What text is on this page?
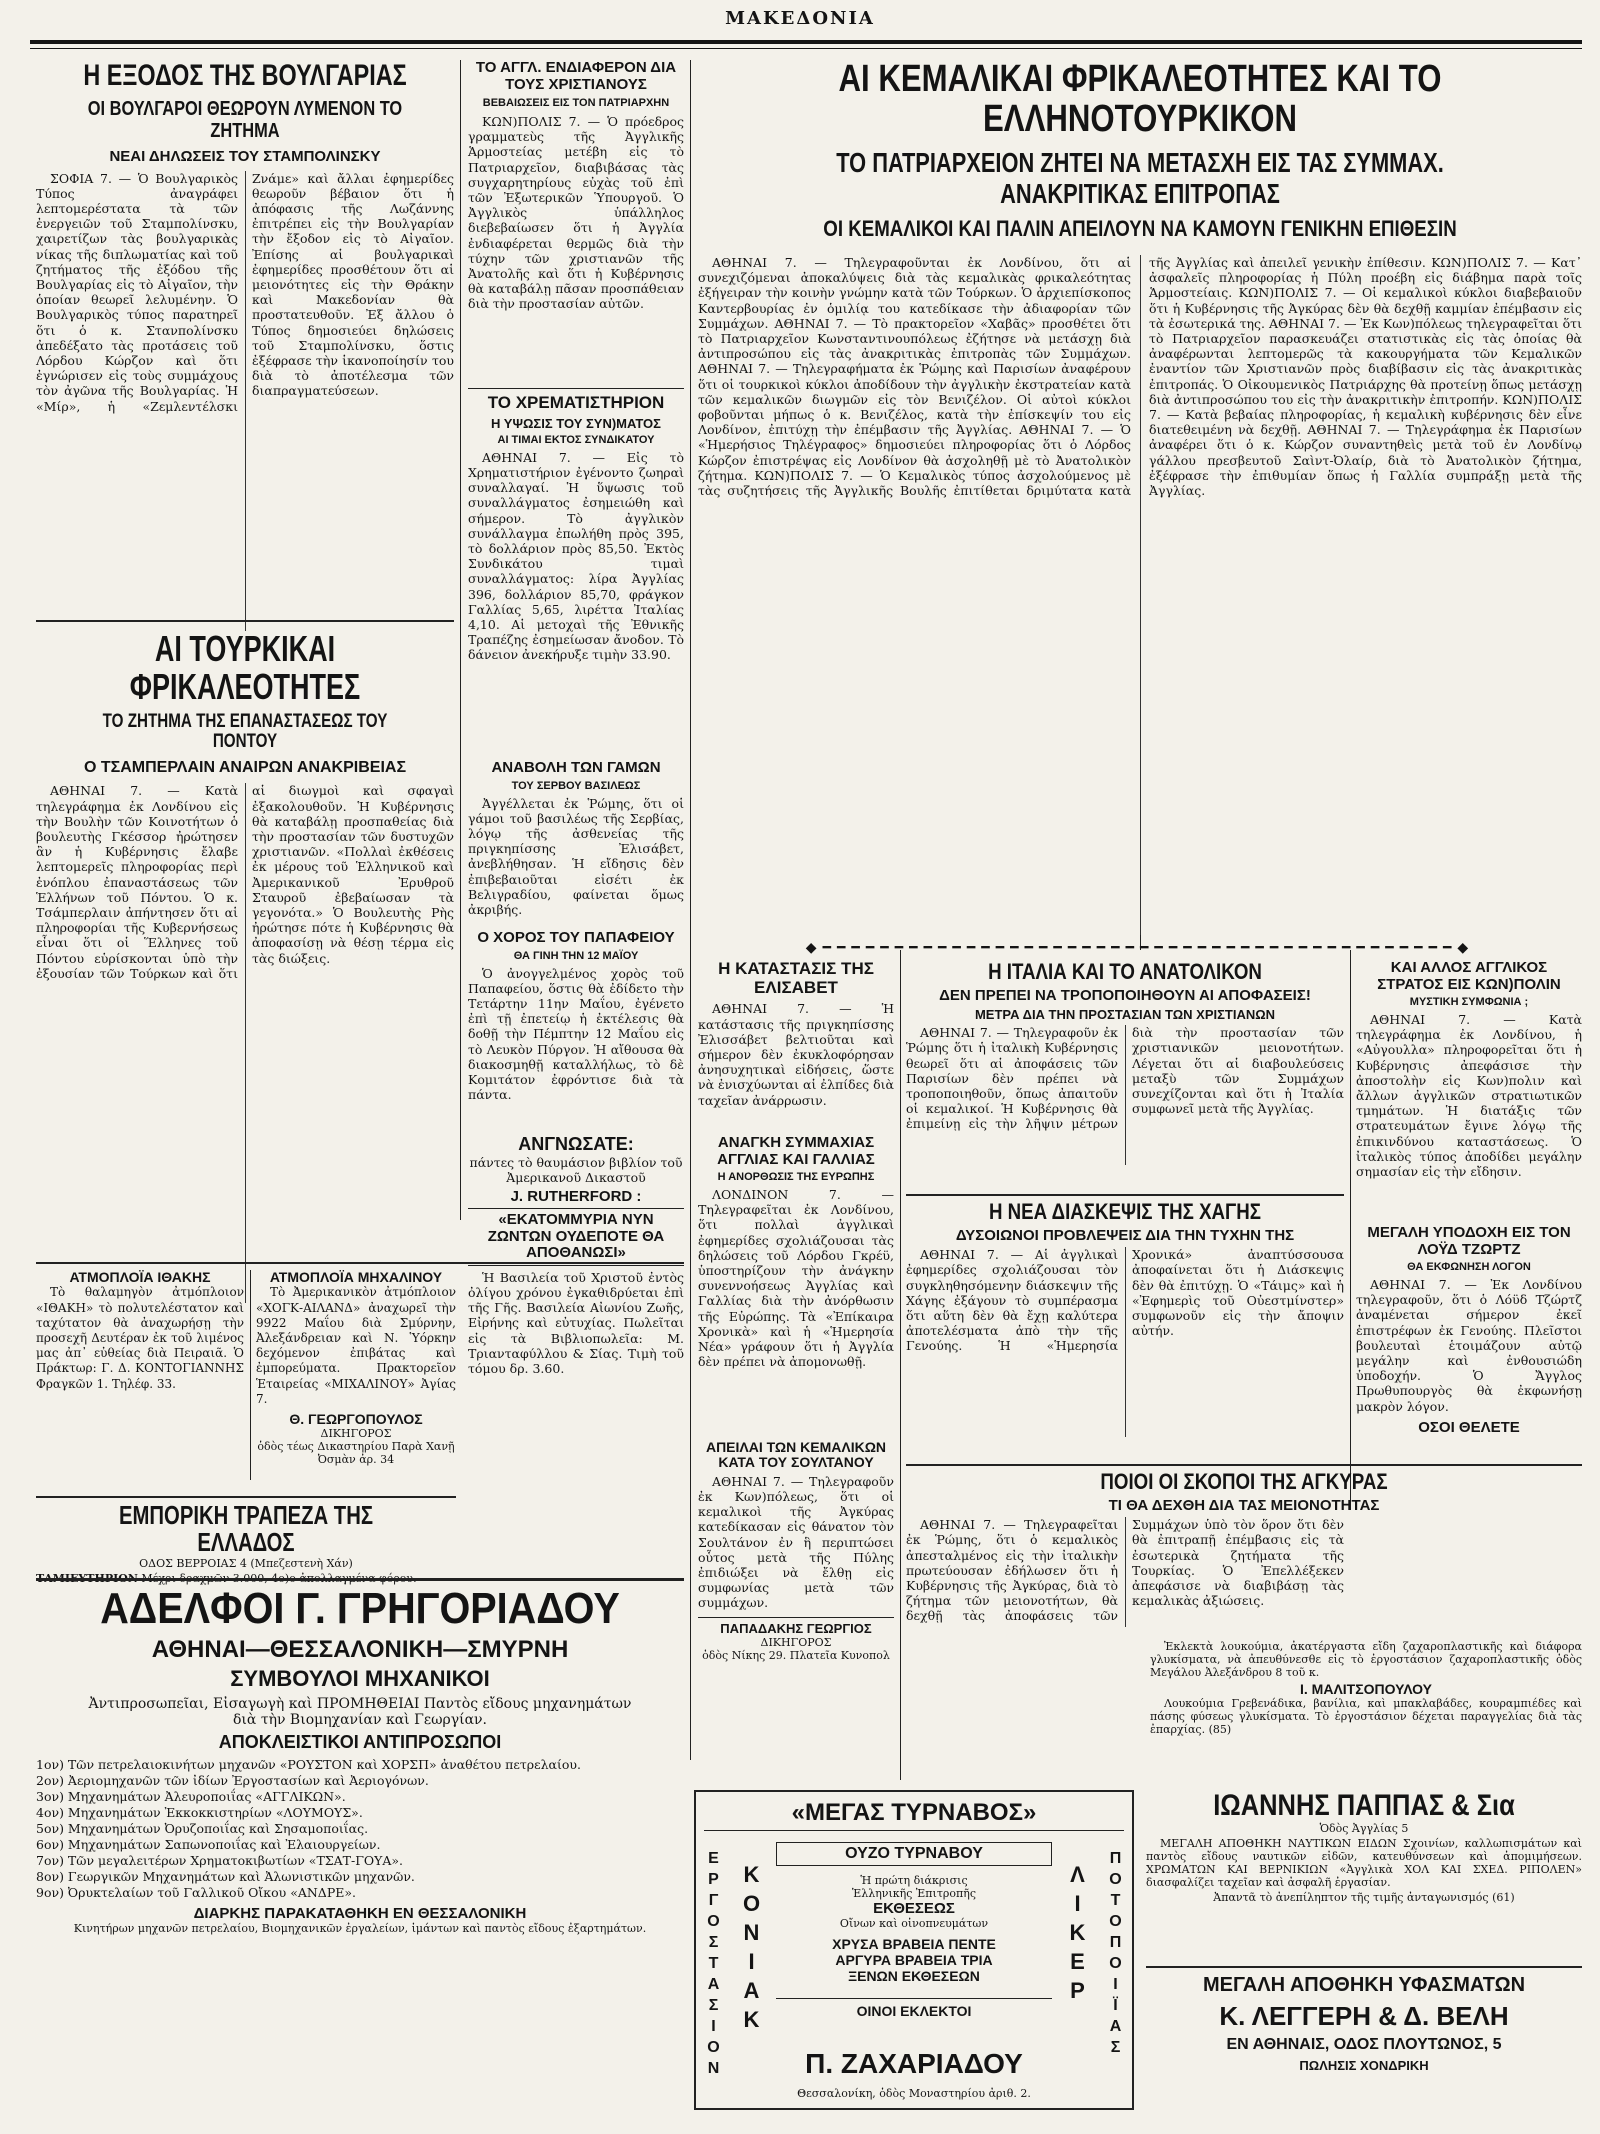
ΜΑΚΕΔΟΝΙΑ
Η ΕΞΟΔΟΣ ΤΗΣ ΒΟΥΛΓΑΡΙΑΣ
ΟΙ ΒΟΥΛΓΑΡΟΙ ΘΕΩΡΟΥΝ ΛΥΜΕΝΟΝ ΤΟ ΖΗΤΗΜΑ
ΝΕΑΙ ΔΗΛΩΣΕΙΣ ΤΟΥ ΣΤΑΜΠΟΛΙΝΣΚΥ

ΣΟΦΙΑ 7. — Ὁ Βουλγαρικὸς Τύπος ἀναγράφει λεπτομερέστατα τὰ τῶν ἐνεργειῶν τοῦ Σταμπολίνσκυ, χαιρετίζων τὰς βουλγαρικὰς νίκας τῆς διπλωματίας καὶ τοῦ ζητήματος τῆς ἐξόδου τῆς Βουλγαρίας εἰς τὸ Αἰγαῖον, τὴν ὁποίαν θεωρεῖ λελυμένην. Ὁ Βουλγαρικὸς τύπος παρατηρεῖ ὅτι ὁ κ. Στανπολίνσκυ ἀπεδέξατο τὰς προτάσεις τοῦ Λόρδου Κώρζον καὶ ὅτι ἐγνώρισεν εἰς τοὺς συμμάχους τὸν ἀγῶνα τῆς Βουλγαρίας. Ἡ «Μίρ», ἡ «Ζεμλεντέλσκι Ζνάμε» καὶ ἄλλαι ἐφημερίδες θεωροῦν βέβαιον ὅτι ἡ ἀπόφασις τῆς Λωζάννης ἐπιτρέπει εἰς τὴν Βουλγαρίαν τὴν ἔξοδον εἰς τὸ Αἰγαῖον. Ἐπίσης αἱ βουλγαρικαὶ ἐφημερίδες προσθέτουν ὅτι αἱ μειονότητες εἰς τὴν Θράκην καὶ Μακεδονίαν θὰ προστατευθοῦν. Ἐξ ἄλλου ὁ Τύπος δημοσιεύει δηλώσεις τοῦ Σταμπολίνσκυ, ὅστις ἐξέφρασε τὴν ἱκανοποίησίν του διὰ τὸ ἀποτέλεσμα τῶν διαπραγματεύσεων.

ΑΙ ΤΟΥΡΚΙΚΑΙ ΦΡΙΚΑΛΕΟΤΗΤΕΣ
ΤΟ ΖΗΤΗΜΑ ΤΗΣ ΕΠΑΝΑΣΤΑΣΕΩΣ ΤΟΥ ΠΟΝΤΟΥ
Ο ΤΣΑΜΠΕΡΛΑΙΝ ΑΝΑΙΡΩΝ ΑΝΑΚΡΙΒΕΙΑΣ

ΑΘΗΝΑΙ 7. — Κατὰ τηλεγράφημα ἐκ Λονδίνου εἰς τὴν Βουλὴν τῶν Κοινοτήτων ὁ βουλευτὴς Γκέσσορ ἠρώτησεν ἂν ἡ Κυβέρνησις ἔλαβε λεπτομερεῖς πληροφορίας περὶ ἐνόπλου ἐπαναστάσεως τῶν Ἑλλήνων τοῦ Πόντου. Ὁ κ. Τσάμπερλαιν ἀπήντησεν ὅτι αἱ πληροφορίαι τῆς Κυβερνήσεως εἶναι ὅτι οἱ Ἕλληνες τοῦ Πόντου εὑρίσκονται ὑπὸ τὴν ἐξουσίαν τῶν Τούρκων καὶ ὅτι αἱ διωγμοὶ καὶ σφαγαὶ ἐξακολουθοῦν. Ἡ Κυβέρνησις θὰ καταβάλῃ προσπαθείας διὰ τὴν προστασίαν τῶν δυστυχῶν χριστιανῶν. «Πολλαὶ ἐκθέσεις ἐκ μέρους τοῦ Ἑλληνικοῦ καὶ Ἀμερικανικοῦ Ἐρυθροῦ Σταυροῦ ἐβεβαίωσαν τὰ γεγονότα.» Ὁ Βουλευτὴς Ρὴς ἠρώτησε πότε ἡ Κυβέρνησις θὰ ἀποφασίσῃ νὰ θέσῃ τέρμα εἰς τὰς διώξεις.

ΤΟ ΑΓΓΛ. ΕΝΔΙΑΦΕΡΟΝ ΔΙΑ ΤΟΥΣ ΧΡΙΣΤΙΑΝΟΥΣ
ΒΕΒΑΙΩΣΕΙΣ ΕΙΣ ΤΟΝ ΠΑΤΡΙΑΡΧΗΝ

ΚΩΝ)ΠΟΛΙΣ 7. — Ὁ πρόεδρος γραμματεὺς τῆς Ἀγγλικῆς Ἁρμοστείας μετέβη εἰς τὸ Πατριαρχεῖον, διαβιβάσας τὰς συγχαρητηρίους εὐχὰς τοῦ ἐπὶ τῶν Ἐξωτερικῶν Ὑπουργοῦ. Ὁ Ἀγγλικὸς ὑπάλληλος διεβεβαίωσεν ὅτι ἡ Ἀγγλία ἐνδιαφέρεται θερμῶς διὰ τὴν τύχην τῶν χριστιανῶν τῆς Ἀνατολῆς καὶ ὅτι ἡ Κυβέρνησις θὰ καταβάλῃ πᾶσαν προσπάθειαν διὰ τὴν προστασίαν αὐτῶν.

ΤΟ ΧΡΕΜΑΤΙΣΤΗΡΙΟΝ
Η ΥΨΩΣΙΣ ΤΟΥ ΣΥΝ)ΜΑΤΟΣ
ΑΙ ΤΙΜΑΙ ΕΚΤΟΣ ΣΥΝΔΙΚΑΤΟΥ

ΑΘΗΝΑΙ 7. — Εἰς τὸ Χρηματιστήριον ἐγένοντο ζωηραὶ συναλλαγαί. Ἡ ὕψωσις τοῦ συναλλάγματος ἐσημειώθη καὶ σήμερον. Τὸ ἀγγλικὸν συνάλλαγμα ἐπωλήθη πρὸς 395, τὸ δολλάριον πρὸς 85,50. Ἐκτὸς Συνδικάτου τιμαὶ συναλλάγματος: λίρα Ἀγγλίας 396, δολλάριον 85,70, φράγκον Γαλλίας 5,65, λιρέττα Ἰταλίας 4,10. Αἱ μετοχαὶ τῆς Ἐθνικῆς Τραπέζης ἐσημείωσαν ἄνοδον. Τὸ δάνειον ἀνεκήρυξε τιμὴν 33.90.

ΑΝΑΒΟΛΗ ΤΩΝ ΓΑΜΩΝ
ΤΟΥ ΣΕΡΒΟΥ ΒΑΣΙΛΕΩΣ

Ἀγγέλλεται ἐκ Ῥώμης, ὅτι οἱ γάμοι τοῦ βασιλέως τῆς Σερβίας, λόγῳ τῆς ἀσθενείας τῆς πριγκηπίσσης Ἐλισάβετ, ἀνεβλήθησαν. Ἡ εἴδησις δὲν ἐπιβεβαιοῦται εἰσέτι ἐκ Βελιγραδίου, φαίνεται ὅμως ἀκριβής.

Ο ΧΟΡΟΣ ΤΟΥ ΠΑΠΑΦΕΙΟΥ
ΘΑ ΓΙΝΗ ΤΗΝ 12 ΜΑΪΟΥ

Ὁ ἀνογγελμένος χορὸς τοῦ Παπαφείου, ὅστις θὰ ἐδίδετο τὴν Τετάρτην 11ην Μαΐου, ἐγένετο ἐπὶ τῇ ἐπετείῳ ἡ ἐκτέλεσις θὰ δοθῇ τὴν Πέμπτην 12 Μαΐου εἰς τὸ Λευκὸν Πύργον. Ἡ αἴθουσα θὰ διακοσμηθῇ καταλλήλως, τὸ δὲ Κομιτάτον ἐφρόντισε διὰ τὰ πάντα.

ΑΝΓΝΩΣΑΤΕ:
πάντες τὸ θαυμάσιον βιβλίον τοῦ Ἀμερικανοῦ Δικαστοῦ
J. RUTHERFORD :
«ΕΚΑΤΟΜΜΥΡΙΑ ΝΥΝ ΖΩΝΤΩΝ ΟΥΔΕΠΟΤΕ ΘΑ ΑΠΟΘΑΝΩΣΙ»

Ἡ Βασιλεία τοῦ Χριστοῦ ἐντὸς ὀλίγου χρόνου ἐγκαθιδρύεται ἐπὶ τῆς Γῆς. Βασιλεία Αἰωνίου Ζωῆς, Εἰρήνης καὶ εὐτυχίας. Πωλεῖται εἰς τὰ Βιβλιοπωλεῖα: Μ. Τριανταφύλλου & Σίας. Τιμὴ τοῦ τόμου δρ. 3.60.

ΑΤΜΟΠΛΟΪΑ ΙΘΑΚΗΣ

Τὸ θαλαμηγὸν ἀτμόπλοιον «ΙΘΑΚΗ» τὸ πολυτελέστατον καὶ ταχύτατον θὰ ἀναχωρήσῃ τὴν προσεχῆ Δευτέραν ἐκ τοῦ λιμένος μας ἀπ᾽ εὐθείας διὰ Πειραιᾶ. Ὁ Πράκτωρ: Γ. Δ. ΚΟΝΤΟΓΙΑΝΝΗΣ Φραγκῶν 1. Τηλέφ. 33.

ΑΤΜΟΠΛΟΪΑ ΜΗΧΑΛΙΝΟΥ

Τὸ Ἀμερικανικὸν ἀτμόπλοιον «ΧΟΓΚ-ΑΙΛΑΝΔ» ἀναχωρεῖ τὴν 9922 Μαΐου διὰ Σμύρνην, Ἀλεξάνδρειαν καὶ Ν. Ὑόρκην δεχόμενον ἐπιβάτας καὶ ἐμπορεύματα. Πρακτορεῖον Ἑταιρείας «ΜΙΧΑΛΙΝΟΥ» Ἀγίας 7.

Θ. ΓΕΩΡΓΟΠΟΥΛΟΣ
ΔΙΚΗΓΟΡΟΣ
ὁδὸς τέως Δικαστηρίου Παρὰ Χανῇ Ὀσμὰν ἀρ. 34
ΕΜΠΟΡΙΚΗ ΤΡΑΠΕΖΑ ΤΗΣ ΕΛΛΑΔΟΣ
ΟΔΟΣ ΒΕΡΡΟΙΑΣ 4 (Μπεζεστενὴ Χάν)
ΑΔΕΛΦΟΙ Γ. ΓΡΗΓΟΡΙΑΔΟΥ
ΑΘΗΝΑΙ—ΘΕΣΣΑΛΟΝΙΚΗ—ΣΜΥΡΝΗ
ΣΥΜΒΟΥΛΟΙ ΜΗΧΑΝΙΚΟΙ
Ἀντιπροσωπεῖαι, Εἰσαγωγὴ καὶ ΠΡΟΜΗΘΕΙΑΙ Παντὸς εἴδους μηχανημάτων διὰ τὴν Βιομηχανίαν καὶ Γεωργίαν.
ΑΠΟΚΛΕΙΣΤΙΚΟΙ ΑΝΤΙΠΡΟΣΩΠΟΙ
1ον) Τῶν πετρελαιοκινήτων μηχανῶν «ΡΟΥΣΤΟΝ καὶ ΧΟΡΣΠ» ἀναθέτου πετρελαίου.
2ον) Ἀεριομηχανῶν τῶν ἰδίων Ἐργοστασίων καὶ Ἀεριογόνων.
3ον) Μηχανημάτων Ἀλευροποιΐας «ΑΓΓΛΙΚΩΝ».
4ον) Μηχανημάτων Ἐκκοκκιστηρίων «ΛΟΥΜΟΥΣ».
5ον) Μηχανημάτων Ὀρυζοποιΐας καὶ Σησαμοποιΐας.
6ον) Μηχανημάτων Σαπωνοποιΐας καὶ Ἐλαιουργείων.
7ον) Τῶν μεγαλειτέρων Χρηματοκιβωτίων «ΤΣΑΤ-ΓΟΥΑ».
8ον) Γεωργικῶν Μηχανημάτων καὶ Ἀλωνιστικῶν μηχανῶν.
9ον) Ὀρυκτελαίων τοῦ Γαλλικοῦ Οἴκου «ΑΝΔΡΕ».
ΔΙΑΡΚΗΣ ΠΑΡΑΚΑΤΑΘΗΚΗ ΕΝ ΘΕΣΣΑΛΟΝΙΚΗ
Κινητήρων μηχανῶν πετρελαίου, Βιομηχανικῶν ἐργαλείων, ἱμάντων καὶ παντὸς εἴδους ἐξαρτημάτων.
ΑΙ ΚΕΜΑΛΙΚΑΙ ΦΡΙΚΑΛΕΟΤΗΤΕΣ ΚΑΙ ΤΟ ΕΛΛΗΝΟΤΟΥΡΚΙΚΟΝ
ΤΟ ΠΑΤΡΙΑΡΧΕΙΟΝ ΖΗΤΕΙ ΝΑ ΜΕΤΑΣΧΗ ΕΙΣ ΤΑΣ ΣΥΜΜΑΧ. ΑΝΑΚΡΙΤΙΚΑΣ ΕΠΙΤΡΟΠΑΣ
ΟΙ ΚΕΜΑΛΙΚΟΙ ΚΑΙ ΠΑΛΙΝ ΑΠΕΙΛΟΥΝ ΝΑ ΚΑΜΟΥΝ ΓΕΝΙΚΗΝ ΕΠΙΘΕΣΙΝ

ΑΘΗΝΑΙ 7. — Τηλεγραφοῦνται ἐκ Λονδίνου, ὅτι αἱ συνεχιζόμεναι ἀποκαλύψεις διὰ τὰς κεμαλικὰς φρικαλεότητας ἐξήγειραν τὴν κοινὴν γνώμην κατὰ τῶν Τούρκων. Ὁ ἀρχιεπίσκοπος Καντερβουρίας ἐν ὁμιλίᾳ του κατεδίκασε τὴν ἀδιαφορίαν τῶν Συμμάχων. ΑΘΗΝΑΙ 7. — Τὸ πρακτορεῖον «Χαβᾶς» προσθέτει ὅτι τὸ Πατριαρχεῖον Κωνσταντινουπόλεως ἐζήτησε νὰ μετάσχῃ διὰ ἀντιπροσώπου εἰς τὰς ἀνακριτικὰς ἐπιτροπὰς τῶν Συμμάχων. ΑΘΗΝΑΙ 7. — Τηλεγραφήματα ἐκ Ῥώμης καὶ Παρισίων ἀναφέρουν ὅτι οἱ τουρκικοὶ κύκλοι ἀποδίδουν τὴν ἀγγλικὴν ἐκστρατείαν κατὰ τῶν κεμαλικῶν διωγμῶν εἰς τὸν Βενιζέλον. Οἱ αὐτοὶ κύκλοι φοβοῦνται μήπως ὁ κ. Βενιζέλος, κατὰ τὴν ἐπίσκεψίν του εἰς Λονδίνον, ἐπιτύχῃ τὴν ἐπέμβασιν τῆς Ἀγγλίας. ΑΘΗΝΑΙ 7. — Ὁ «Ἡμερήσιος Τηλέγραφος» δημοσιεύει πληροφορίας ὅτι ὁ Λόρδος Κώρζον ἐπιστρέψας εἰς Λονδίνον θὰ ἀσχοληθῇ μὲ τὸ Ἀνατολικὸν ζήτημα. ΚΩΝ)ΠΟΛΙΣ 7. — Ὁ Κεμαλικὸς τύπος ἀσχολούμενος μὲ τὰς συζητήσεις τῆς Ἀγγλικῆς Βουλῆς ἐπιτίθεται δριμύτατα κατὰ τῆς Ἀγγλίας καὶ ἀπειλεῖ γενικὴν ἐπίθεσιν. ΚΩΝ)ΠΟΛΙΣ 7. — Κατ᾽ ἀσφαλεῖς πληροφορίας ἡ Πύλη προέβη εἰς διάβημα παρὰ τοῖς Ἁρμοστείαις. ΚΩΝ)ΠΟΛΙΣ 7. — Οἱ κεμαλικοὶ κύκλοι διαβεβαιοῦν ὅτι ἡ Κυβέρνησις τῆς Ἀγκύρας δὲν θὰ δεχθῇ καμμίαν ἐπέμβασιν εἰς τὰ ἐσωτερικά της. ΑΘΗΝΑΙ 7. — Ἐκ Κων)πόλεως τηλεγραφεῖται ὅτι τὸ Πατριαρχεῖον παρασκευάζει στατιστικὰς εἰς τὰς ὁποίας θὰ ἀναφέρωνται λεπτομερῶς τὰ κακουργήματα τῶν Κεμαλικῶν ἐναντίον τῶν Χριστιανῶν πρὸς διαβίβασιν εἰς τὰς ἀνακριτικὰς ἐπιτροπάς. Ὁ Οἰκουμενικὸς Πατριάρχης θὰ προτείνῃ ὅπως μετάσχῃ διὰ ἀντιπροσώπου του εἰς τὴν ἀνακριτικὴν ἐπιτροπήν. ΚΩΝ)ΠΟΛΙΣ 7. — Κατὰ βεβαίας πληροφορίας, ἡ κεμαλικὴ κυβέρνησις δὲν εἶνε διατεθειμένη νὰ δεχθῇ. ΑΘΗΝΑΙ 7. — Τηλεγράφημα ἐκ Παρισίων ἀναφέρει ὅτι ὁ κ. Κώρζον συναντηθεὶς μετὰ τοῦ ἐν Λονδίνῳ γάλλου πρεσβευτοῦ Σαὶντ-Ὀλαίρ, διὰ τὸ Ἀνατολικὸν ζήτημα, ἐξέφρασε τὴν ἐπιθυμίαν ὅπως ἡ Γαλλία συμπράξῃ μετὰ τῆς Ἀγγλίας.

◆━━━━━━━━━━━━━━━━━━━━━━━━━━━━━━━━━━━━━━━━━━━━◆
Η ΚΑΤΑΣΤΑΣΙΣ ΤΗΣ ΕΛΙΣΑΒΕΤ

ΑΘΗΝΑΙ 7. — Ἡ κατάστασις τῆς πριγκηπίσσης Ἐλισσάβετ βελτιοῦται καὶ σήμερον δὲν ἐκυκλοφόρησαν ἀνησυχητικαὶ εἰδήσεις, ὥστε νὰ ἐνισχύωνται αἱ ἐλπίδες διὰ ταχεῖαν ἀνάρρωσιν.

ΑΝΑΓΚΗ ΣΥΜΜΑΧΙΑΣ ΑΓΓΛΙΑΣ ΚΑΙ ΓΑΛΛΙΑΣ
Η ΑΝΟΡΘΩΣΙΣ ΤΗΣ ΕΥΡΩΠΗΣ

ΛΟΝΔΙΝΟΝ 7. — Τηλεγραφεῖται ἐκ Λονδίνου, ὅτι πολλαὶ ἀγγλικαὶ ἐφημερίδες σχολιάζουσαι τὰς δηλώσεις τοῦ Λόρδου Γκρέϋ, ὑποστηρίζουν τὴν ἀνάγκην συνεννοήσεως Ἀγγλίας καὶ Γαλλίας διὰ τὴν ἀνόρθωσιν τῆς Εὐρώπης. Τὰ «Ἐπίκαιρα Χρονικὰ» καὶ ἡ «Ἡμερησία Νέα» γράφουν ὅτι ἡ Ἀγγλία δὲν πρέπει νὰ ἀπομονωθῇ.

ΑΠΕΙΛΑΙ ΤΩΝ ΚΕΜΑΛΙΚΩΝ ΚΑΤΑ ΤΟΥ ΣΟΥΛΤΑΝΟΥ

ΑΘΗΝΑΙ 7. — Τηλεγραφοῦν ἐκ Κων)πόλεως, ὅτι οἱ κεμαλικοὶ τῆς Ἀγκύρας κατεδίκασαν εἰς θάνατον τὸν Σουλτάνον ἐν ἣ περιπτώσει οὗτος μετὰ τῆς Πύλης ἐπιδιώξει νὰ ἔλθῃ εἰς συμφωνίας μετὰ τῶν συμμάχων.

ΠΑΠΑΔΑΚΗΣ ΓΕΩΡΓΙΟΣ
ΔΙΚΗΓΟΡΟΣ
ὁδὸς Νίκης 29. Πλατεῖα Κυνοπολ
Η ΙΤΑΛΙΑ ΚΑΙ ΤΟ ΑΝΑΤΟΛΙΚΟΝ
ΔΕΝ ΠΡΕΠΕΙ ΝΑ ΤΡΟΠΟΠΟΙΗΘΟΥΝ ΑΙ ΑΠΟΦΑΣΕΙΣ!
ΜΕΤΡΑ ΔΙΑ ΤΗΝ ΠΡΟΣΤΑΣΙΑΝ ΤΩΝ ΧΡΙΣΤΙΑΝΩΝ

ΑΘΗΝΑΙ 7. — Τηλεγραφοῦν ἐκ Ῥώμης ὅτι ἡ ἰταλικὴ Κυβέρνησις θεωρεῖ ὅτι αἱ ἀποφάσεις τῶν Παρισίων δὲν πρέπει νὰ τροποποιηθοῦν, ὅπως ἀπαιτοῦν οἱ κεμαλικοί. Ἡ Κυβέρνησις θὰ ἐπιμείνῃ εἰς τὴν λῆψιν μέτρων διὰ τὴν προστασίαν τῶν χριστιανικῶν μειονοτήτων. Λέγεται ὅτι αἱ διαβουλεύσεις μεταξὺ τῶν Συμμάχων συνεχίζονται καὶ ὅτι ἡ Ἰταλία συμφωνεῖ μετὰ τῆς Ἀγγλίας.

Η ΝΕΑ ΔΙΑΣΚΕΨΙΣ ΤΗΣ ΧΑΓΗΣ
ΔΥΣΟΙΩΝΟΙ ΠΡΟΒΛΕΨΕΙΣ ΔΙΑ ΤΗΝ ΤΥΧΗΝ ΤΗΣ

ΑΘΗΝΑΙ 7. — Αἱ ἀγγλικαὶ ἐφημερίδες σχολιάζουσαι τὸν συγκληθησόμενην διάσκεψιν τῆς Χάγης ἐξάγουν τὸ συμπέρασμα ὅτι αὕτη δὲν θὰ ἔχῃ καλύτερα ἀποτελέσματα ἀπὸ τὴν τῆς Γενούης. Ἡ «Ἡμερησία Χρονικά» ἀναπτύσσουσα ἀποφαίνεται ὅτι ἡ Διάσκεψις δὲν θὰ ἐπιτύχῃ. Ὁ «Τάιμς» καὶ ἡ «Ἐφημερὶς τοῦ Οὐεστμίνστερ» συμφωνοῦν εἰς τὴν ἄποψιν αὐτήν.

ΠΟΙΟΙ ΟΙ ΣΚΟΠΟΙ ΤΗΣ ΑΓΚΥΡΑΣ
ΤΙ ΘΑ ΔΕΧΘΗ ΔΙΑ ΤΑΣ ΜΕΙΟΝΟΤΗΤΑΣ

ΑΘΗΝΑΙ 7. — Τηλεγραφεῖται ἐκ Ῥώμης, ὅτι ὁ κεμαλικὸς ἀπεσταλμένος εἰς τὴν ἰταλικὴν πρωτεύουσαν ἐδήλωσεν ὅτι ἡ Κυβέρνησις τῆς Ἀγκύρας, διὰ τὸ ζήτημα τῶν μειονοτήτων, θὰ δεχθῇ τὰς ἀποφάσεις τῶν Συμμάχων ὑπὸ τὸν ὅρον ὅτι δὲν θὰ ἐπιτραπῇ ἐπέμβασις εἰς τὰ ἐσωτερικὰ ζητήματα τῆς Τουρκίας. Ὁ Ἐπελλέξεκεν ἀπεφάσισε νὰ διαβιβάσῃ τὰς κεμαλικὰς ἀξιώσεις.

ΚΑΙ ΑΛΛΟΣ ΑΓΓΛΙΚΟΣ ΣΤΡΑΤΟΣ ΕΙΣ ΚΩΝ)ΠΟΛΙΝ
ΜΥΣΤΙΚΗ ΣΥΜΦΩΝΙΑ ;

ΑΘΗΝΑΙ 7. — Κατὰ τηλεγράφημα ἐκ Λονδίνου, ἡ «Αὐγουλλα» πληροφορεῖται ὅτι ἡ Κυβέρνησις ἀπεφάσισε τὴν ἀποστολὴν εἰς Κων)πολιν καὶ ἄλλων ἀγγλικῶν στρατιωτικῶν τμημάτων. Ἡ διατάξις τῶν στρατευμάτων ἔγινε λόγῳ τῆς ἐπικινδύνου καταστάσεως. Ὁ ἰταλικὸς τύπος ἀποδίδει μεγάλην σημασίαν εἰς τὴν εἴδησιν.

ΜΕΓΑΛΗ ΥΠΟΔΟΧΗ ΕΙΣ ΤΟΝ ΛΟΫΔ ΤΖΩΡΤΖ
ΘΑ ΕΚΦΩΝΗΣΗ ΛΟΓΟΝ

ΑΘΗΝΑΙ 7. — Ἐκ Λονδίνου τηλεγραφοῦν, ὅτι ὁ Λόϋδ Τζώρτζ ἀναμένεται σήμερον ἐκεῖ ἐπιστρέφων ἐκ Γενούης. Πλεῖστοι βουλευταὶ ἑτοιμάζουν αὐτῷ μεγάλην καὶ ἐνθουσιώδη ὑποδοχήν. Ὁ Ἄγγλος Πρωθυπουργὸς θὰ ἐκφωνήσῃ μακρὸν λόγον.

ΟΣΟΙ ΘΕΛΕΤΕ

Ἐκλεκτὰ λουκούμια, ἀκατέργαστα εἴδη ζαχαροπλαστικῆς καὶ διάφορα γλυκίσματα, νὰ ἀπευθύνεσθε εἰς τὸ ἐργοστάσιον ζαχαροπλαστικῆς ὁδὸς Μεγάλου Ἀλεξάνδρου 8 τοῦ κ.

Ι. ΜΑΛΙΤΣΟΠΟΥΛΟΥ

Λουκούμια Γρεβενάδικα, βανίλια, καὶ μπακλαβάδες, κουραμπιέδες καὶ πάσης φύσεως γλυκίσματα. Τὸ ἐργοστάσιον δέχεται παραγγελίας διὰ τὰς ἐπαρχίας. (85)

«ΜΕΓΑΣ ΤΥΡΝΑΒΟΣ»
ΕΡΓΟΣΤΑΣΙΟΝ ΚΟΝΙΑΚ	ΛΙΚΕΡ ΠΟΤΟΠΟΙΪΑΣ
ΟΥΖΟ ΤΥΡΝΑΒΟΥ
Ἡ πρώτη διάκρισις
Ἑλληνικῆς Ἐπιτροπῆς
ΕΚΘΕΣΕΩΣ
Οἴνων καὶ οἰνοπνευμάτων
ΧΡΥΣΑ ΒΡΑΒΕΙΑ ΠΕΝΤΕ
ΑΡΓΥΡΑ ΒΡΑΒΕΙΑ ΤΡΙΑ
ΞΕΝΩΝ ΕΚΘΕΣΕΩΝ
ΟΙΝΟΙ ΕΚΛΕΚΤΟΙ
Π. ΖΑΧΑΡΙΑΔΟΥ
Θεσσαλονίκη, ὁδὸς Μοναστηρίου ἀριθ. 2.
ΙΩΑΝΝΗΣ ΠΑΠΠΑΣ & Σια
Ὁδὸς Ἀγγλίας 5

ΜΕΓΑΛΗ ΑΠΟΘΗΚΗ ΝΑΥΤΙΚΩΝ ΕΙΔΩΝ Σχοινίων, καλλωπισμάτων καὶ παντὸς εἴδους ναυτικῶν εἰδῶν, κατευθύνσεων καὶ ἀπομιμήσεων. ΧΡΩΜΑΤΩΝ ΚΑΙ ΒΕΡΝΙΚΙΩΝ «Ἀγγλικὰ ΧΟΛ ΚΑΙ ΣΧΕΔ. ΡΙΠΟΛΕΝ» διασφαλίζει ταχεῖαν καὶ ἀσφαλῆ ἐργασίαν.

Ἀπαντᾶ τὸ ἀνεπίληπτον τῆς τιμῆς ἀνταγωνισμός (61)
ΜΕΓΑΛΗ ΑΠΟΘΗΚΗ ΥΦΑΣΜΑΤΩΝ
Κ. ΛΕΓΓΕΡΗ & Δ. ΒΕΛΗ
ΕΝ ΑΘΗΝΑΙΣ, ΟΔΟΣ ΠΛΟΥΤΩΝΟΣ, 5
ΠΩΛΗΣΙΣ ΧΟΝΔΡΙΚΗ
